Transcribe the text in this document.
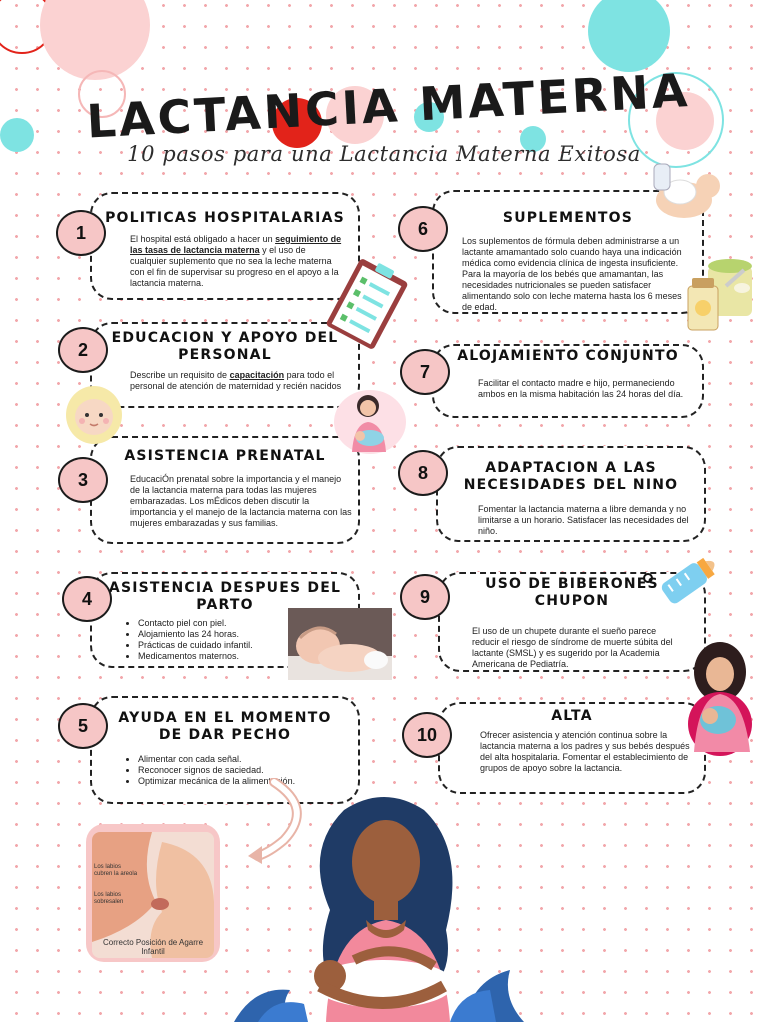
LACTANCIA MATERNA
10 pasos para una Lactancia Materna Exitosa
POLITICAS HOSPITALARIAS
El hospital está obligado a hacer un seguimiento de las tasas de lactancia materna y el uso de cualquier suplemento que no sea la leche materna con el fin de supervisar su progreso en el apoyo a la lactancia materna.
1
EDUCACION Y APOYO DEL
PERSONAL
Describe un requisito de capacitación para todo el personal de atención de maternidad y recién nacidos
2
ASISTENCIA PRENATAL
EducaciÓn prenatal sobre la importancia y el manejo de la lactancia materna para todas las mujeres embarazadas. Los mÉdicos deben discutir la importancia y el manejo de la lactancia materna con las mujeres embarazadas y sus familias.
3
ASISTENCIA DESPUES DEL
PARTO
• Contacto piel con piel.
• Alojamiento las 24 horas.
• Prácticas de cuidado infantil.
• Medicamentos maternos.
4
AYUDA EN EL MOMENTO
DE DAR PECHO
• Alimentar con cada señal.
• Reconocer signos de saciedad.
• Optimizar mecánica de la alimentación.
5
SUPLEMENTOS
Los suplementos de fórmula deben administrarse a un lactante amamantado solo cuando haya una indicación médica como evidencia clínica de ingesta insuficiente. Para la mayoría de los bebés que amamantan, las necesidades nutricionales se pueden satisfacer alimentando solo con leche materna hasta los 6 meses de edad.
6
ALOJAMIENTO CONJUNTO
Facilitar el contacto madre e hijo, permaneciendo ambos en la misma habitación las 24 horas del día.
7
ADAPTACION A LAS
NECESIDADES DEL NINO
Fomentar la lactancia materna a libre demanda y no limitarse a un horario. Satisfacer las necesidades del niño.
8
USO DE BIBERONES
CHUPON
El uso de un chupete durante el sueño parece reducir el riesgo de síndrome de muerte súbita del lactante (SMSL) y es sugerido por la Academia Americana de Pediatría.
9
ALTA
Ofrecer asistencia y atención continua sobre la lactancia materna a los padres y sus bebés después del alta hospitalaria. Fomentar el establecimiento de grupos de apoyo sobre la lactancia.
10
Los labios cubren la areola
Los labios sobresalen
Correcto Posición de Agarre
Infantil
